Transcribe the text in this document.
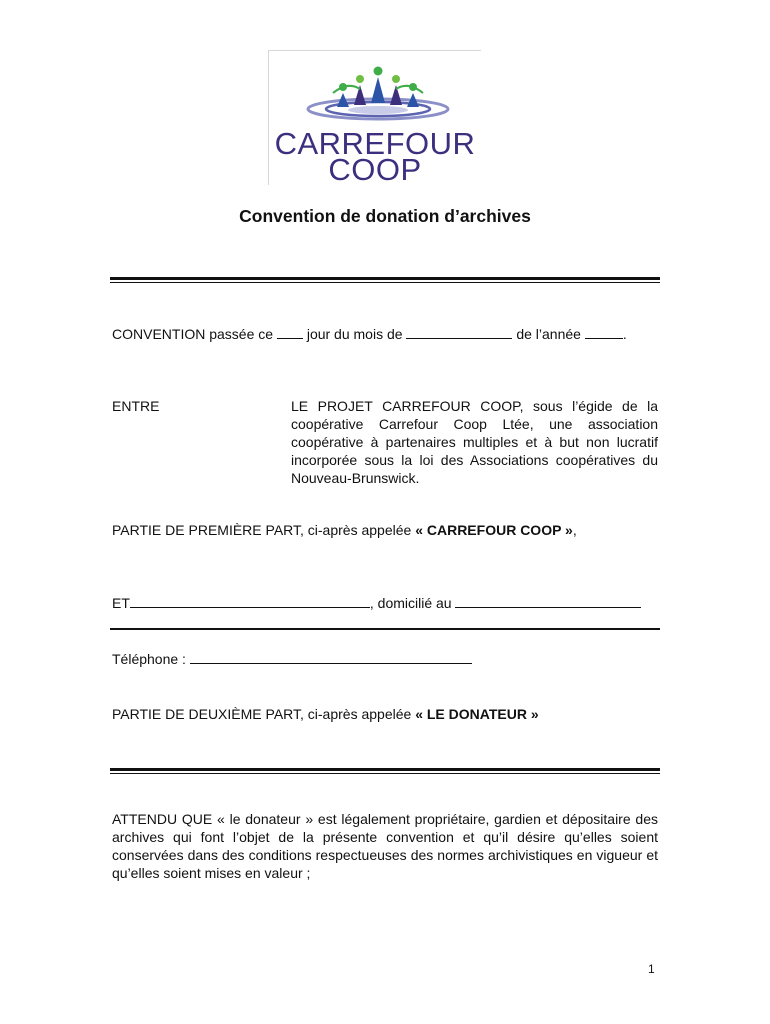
CARREFOUR
COOP
Convention de donation d’archives
CONVENTION passée ce  jour du mois de	de l’année	.
ENTRE	LE PROJET CARREFOUR COOP, sous l’égide de la coopérative Carrefour Coop Ltée, une association coopérative à partenaires multiples et à but non lucratif incorporée sous la loi des Associations coopératives du Nouveau-Brunswick.
PARTIE DE PREMIÈRE PART, ci-après appelée « CARREFOUR COOP »,
ET	, domicilié au
Téléphone :
PARTIE DE DEUXIÈME PART, ci-après appelée « LE DONATEUR »
ATTENDU QUE « le donateur » est légalement propriétaire, gardien et dépositaire des archives qui font l’objet de la présente convention et qu’il désire qu’elles soient conservées dans des conditions respectueuses des normes archivistiques en vigueur et qu’elles soient mises en valeur ;
1
